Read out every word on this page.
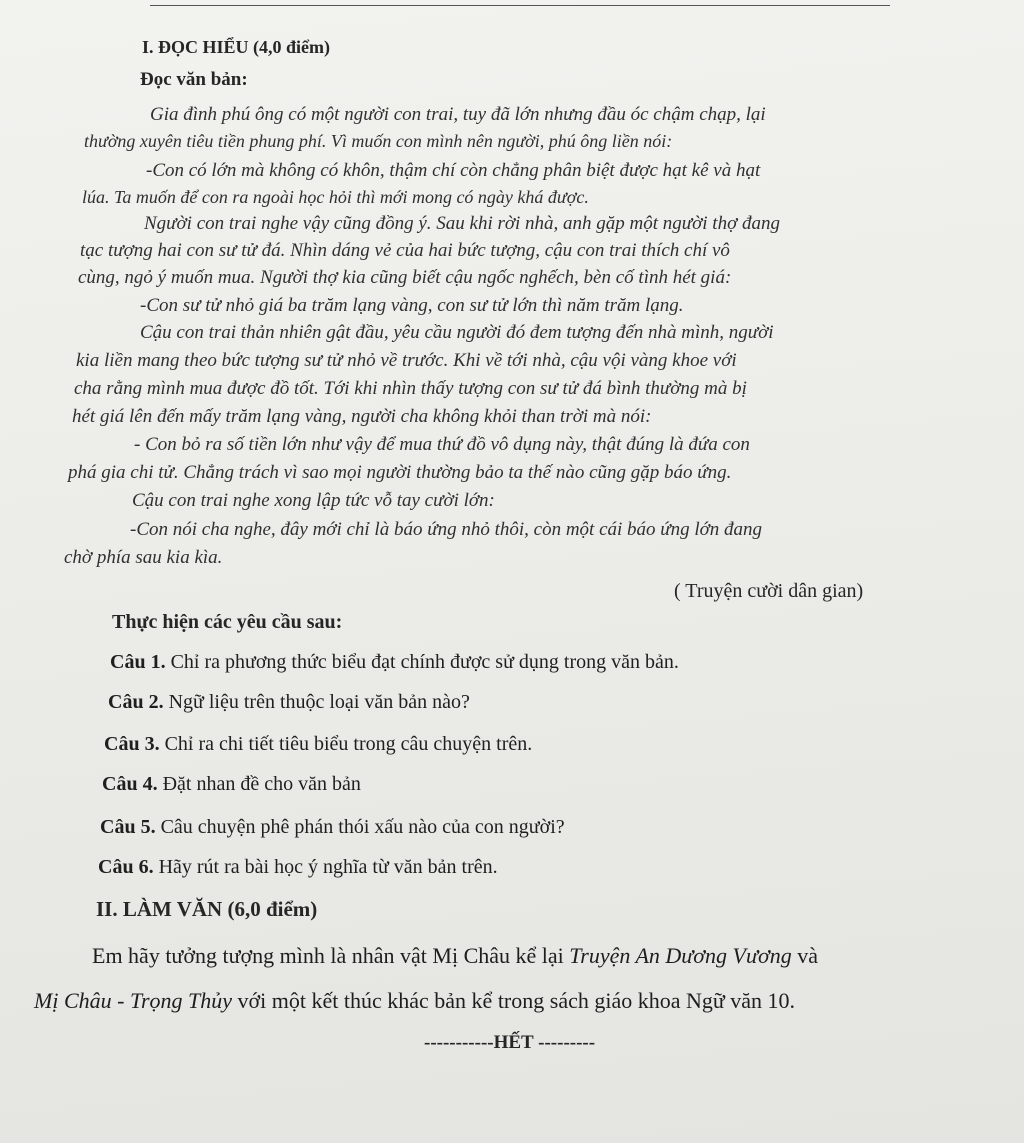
I. ĐỌC HIỂU (4,0 điểm)
Đọc văn bản:
Gia đình phú ông có một người con trai, tuy đã lớn nhưng đầu óc chậm chạp, lại
thường xuyên tiêu tiền phung phí. Vì muốn con mình nên người, phú ông liền nói:
-Con có lớn mà không có khôn, thậm chí còn chẳng phân biệt được hạt kê và hạt
lúa. Ta muốn để con ra ngoài học hỏi thì mới mong có ngày khá được.
Người con trai nghe vậy cũng đồng ý. Sau khi rời nhà, anh gặp một người thợ đang
tạc tượng hai con sư tử đá. Nhìn dáng vẻ của hai bức tượng, cậu con trai thích chí vô
cùng, ngỏ ý muốn mua. Người thợ kia cũng biết cậu ngốc nghếch, bèn cố tình hét giá:
-Con sư tử nhỏ giá ba trăm lạng vàng, con sư tử lớn thì năm trăm lạng.
Cậu con trai thản nhiên gật đầu, yêu cầu người đó đem tượng đến nhà mình, người
kia liền mang theo bức tượng sư tử nhỏ về trước. Khi về tới nhà, cậu vội vàng khoe với
cha rằng mình mua được đồ tốt. Tới khi nhìn thấy tượng con sư tử đá bình thường mà bị
hét giá lên đến mấy trăm lạng vàng, người cha không khỏi than trời mà nói:
- Con bỏ ra số tiền lớn như vậy để mua thứ đồ vô dụng này, thật đúng là đứa con
phá gia chi tử. Chẳng trách vì sao mọi người thường bảo ta thế nào cũng gặp báo ứng.
Cậu con trai nghe xong lập tức vỗ tay cười lớn:
-Con nói cha nghe, đây mới chỉ là báo ứng nhỏ thôi, còn một cái báo ứng lớn đang
chờ phía sau kia kìa.
( Truyện cười dân gian)
Thực hiện các yêu cầu sau:
Câu 1. Chỉ ra phương thức biểu đạt chính được sử dụng trong văn bản.
Câu 2. Ngữ liệu trên thuộc loại văn bản nào?
Câu 3. Chỉ ra chi tiết tiêu biểu trong câu chuyện trên.
Câu 4. Đặt nhan đề cho văn bản
Câu 5. Câu chuyện phê phán thói xấu nào của con người?
Câu 6. Hãy rút ra bài học ý nghĩa từ văn bản trên.
II. LÀM VĂN (6,0 điểm)
Em hãy tưởng tượng mình là nhân vật Mị Châu kể lại Truyện An Dương Vương và
Mị Châu - Trọng Thủy với một kết thúc khác bản kể trong sách giáo khoa Ngữ văn 10.
-----------HẾT ---------
